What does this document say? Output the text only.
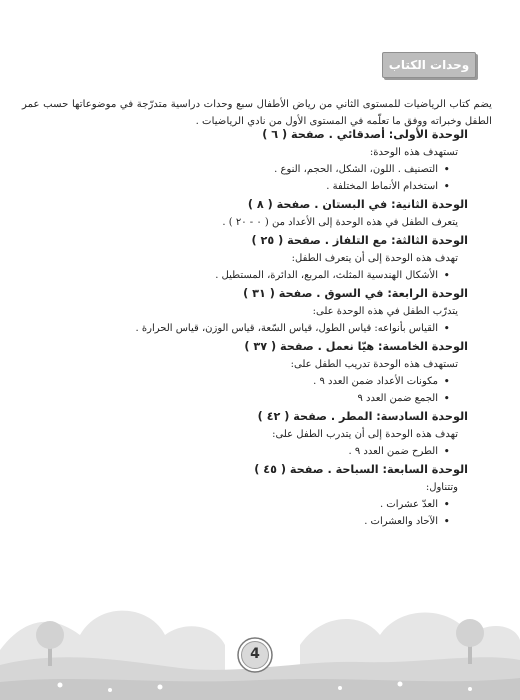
وحدات الكتاب

يضم كتاب الرياضيات للمستوى الثاني من رياض الأطفال سبع وحدات دراسية متدرّجة في موضوعاتها حسب عمر الطفل وخبراته ووفق ما تعلّمه في المستوى الأول من نادي الرياضيات .

الوحدة الأولى: أصدقائي . صفحة ( ٦ )

تستهدف هذه الوحدة:

• التصنيف . اللون، الشكل، الحجم، النوع .
• استخدام الأنماط المختلفة .

الوحدة الثانية: في البستان . صفحة ( ٨ )

يتعرف الطفل في هذه الوحدة إلى الأعداد من ( ٠ - ٢٠ ) .

الوحدة الثالثة: مع التلفاز . صفحة ( ٢٥ )

تهدف هذه الوحدة إلى أن يتعرف الطفل:

• الأشكال الهندسية المثلث، المربع، الدائرة، المستطيل .

الوحدة الرابعة: في السوق . صفحة ( ٣١ )

يتدرّب الطفل في هذه الوحدة على:

• القياس بأنواعه: قياس الطول، قياس السّعة، قياس الوزن، قياس الحرارة .

الوحدة الخامسة: هيّا نعمل . صفحة ( ٣٧ )

تستهدف هذه الوحدة تدريب الطفل على:

• مكونات الأعداد ضمن العدد ٩ .
• الجمع ضمن العدد ٩

الوحدة السادسة: المطر . صفحة ( ٤٢ )

تهدف هذه الوحدة إلى أن يتدرب الطفل على:

• الطرح ضمن العدد ٩ .

الوحدة السابعة: السباحة . صفحة ( ٤٥ )

وتتناول:

• العدّ عشرات .
• الآحاد والعشرات .
4
